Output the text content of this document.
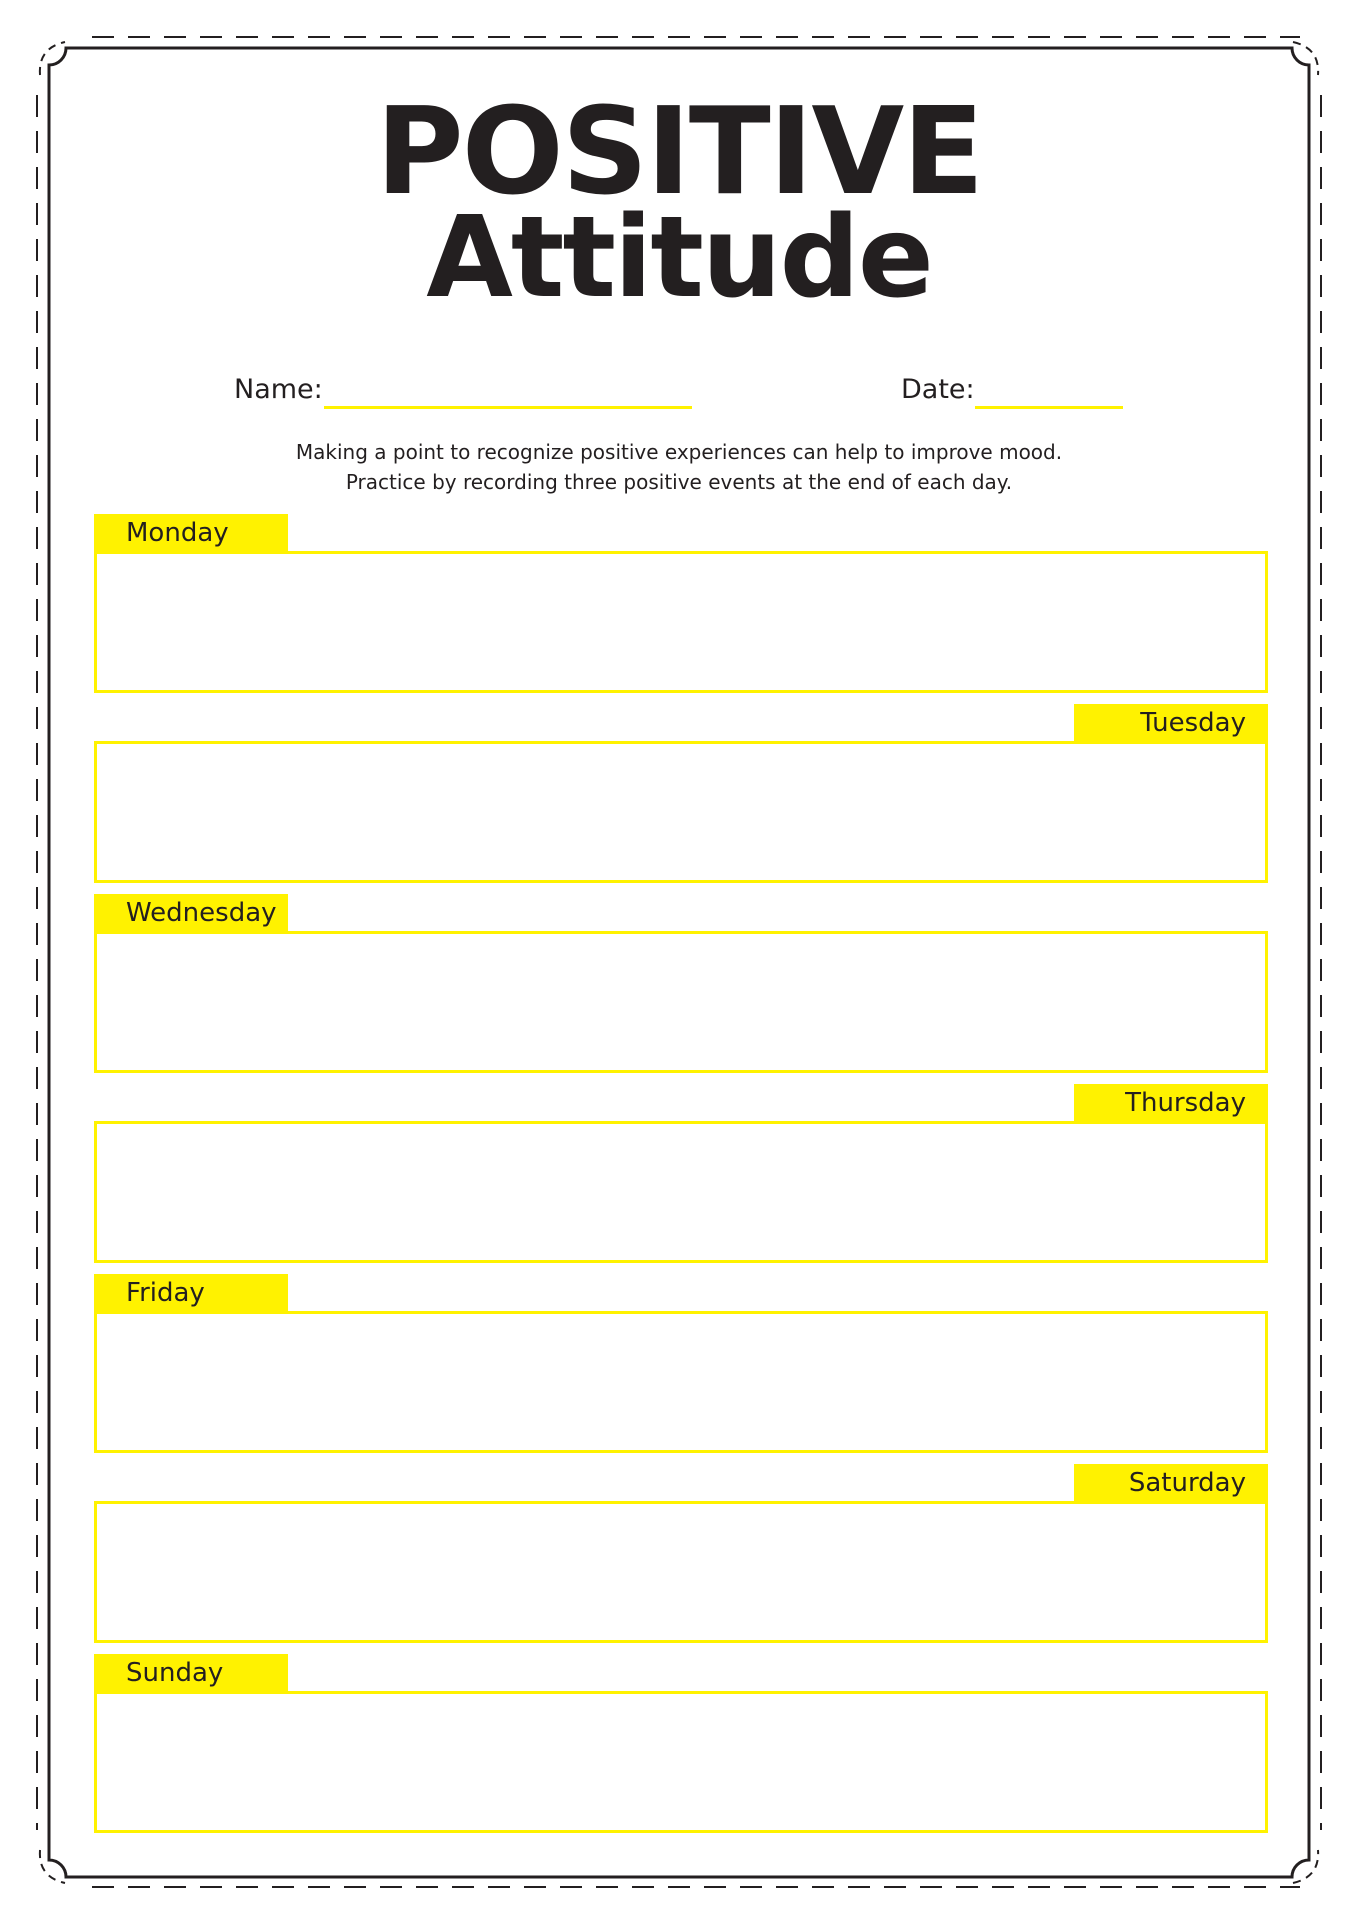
POSITIVE
Attitude
Name:	Date:
Making a point to recognize positive experiences can help to improve mood.
Practice by recording three positive events at the end of each day.
Monday
Tuesday
Wednesday
Thursday
Friday
Saturday
Sunday
